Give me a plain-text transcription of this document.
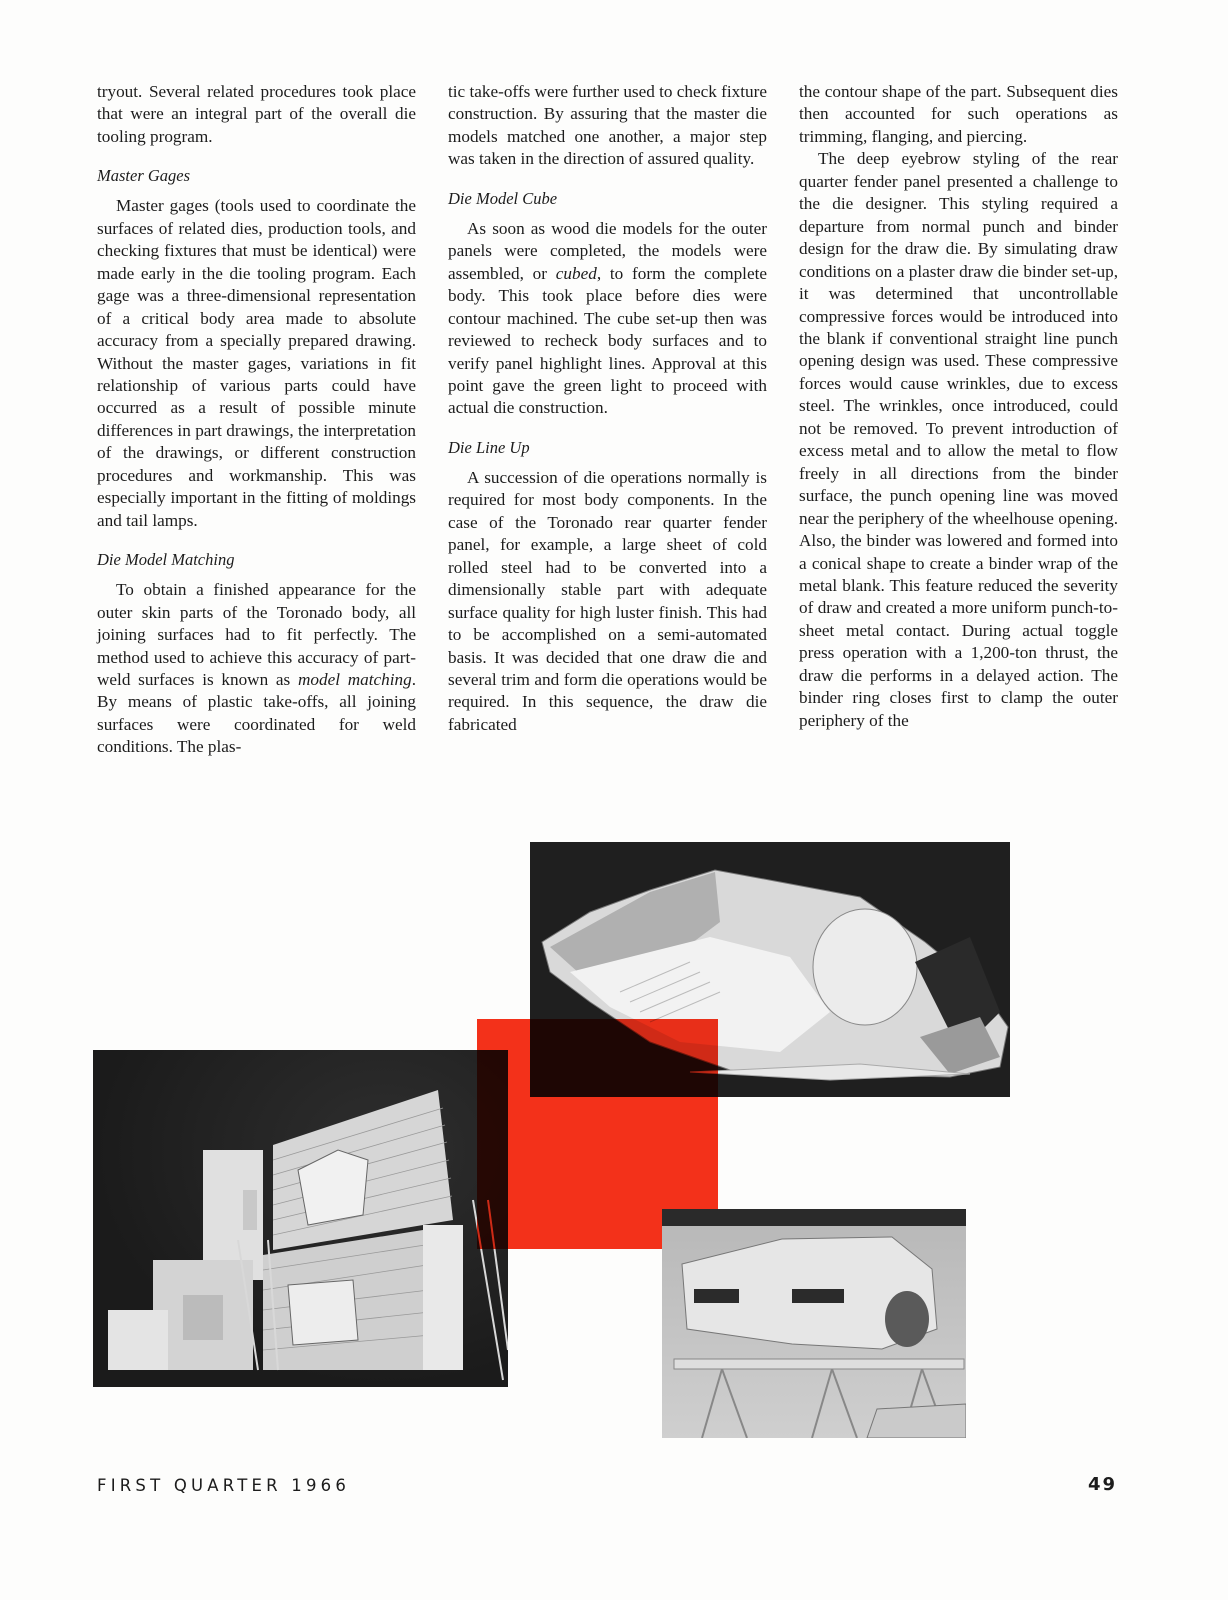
tryout. Several related procedures took place that were an integral part of the overall die tooling program.

Master Gages

Master gages (tools used to coordinate the surfaces of related dies, production tools, and checking fixtures that must be identical) were made early in the die tooling program. Each gage was a three-dimensional representation of a critical body area made to absolute accuracy from a specially prepared drawing. Without the master gages, variations in fit relationship of various parts could have occurred as a result of possible minute differences in part drawings, the interpretation of the drawings, or different construction procedures and workmanship. This was especially important in the fitting of moldings and tail lamps.

Die Model Matching

To obtain a finished appearance for the outer skin parts of the Toronado body, all joining surfaces had to fit perfectly. The method used to achieve this accuracy of part-weld surfaces is known as model matching. By means of plastic take-offs, all joining surfaces were coordinated for weld conditions. The plas-

tic take-offs were further used to check fixture construction. By assuring that the master die models matched one another, a major step was taken in the direction of assured quality.

Die Model Cube

As soon as wood die models for the outer panels were completed, the models were assembled, or cubed, to form the complete body. This took place before dies were contour machined. The cube set-up then was reviewed to recheck body surfaces and to verify panel highlight lines. Approval at this point gave the green light to proceed with actual die construction.

Die Line Up

A succession of die operations normally is required for most body components. In the case of the Toronado rear quarter fender panel, for example, a large sheet of cold rolled steel had to be converted into a dimensionally stable part with adequate surface quality for high luster finish. This had to be accomplished on a semi-automated basis. It was decided that one draw die and several trim and form die operations would be required. In this sequence, the draw die fabricated

the contour shape of the part. Subsequent dies then accounted for such operations as trimming, flanging, and piercing.

The deep eyebrow styling of the rear quarter fender panel presented a challenge to the die designer. This styling required a departure from normal punch and binder design for the draw die. By simulating draw conditions on a plaster draw die binder set-up, it was determined that uncontrollable compressive forces would be introduced into the blank if conventional straight line punch opening design was used. These compressive forces would cause wrinkles, due to excess steel. The wrinkles, once introduced, could not be removed. To prevent introduction of excess metal and to allow the metal to flow freely in all directions from the binder surface, the punch opening line was moved near the periphery of the wheelhouse opening. Also, the binder was lowered and formed into a conical shape to create a binder wrap of the metal blank. This feature reduced the severity of draw and created a more uniform punch-to-sheet metal contact. During actual toggle press operation with a 1,200-ton thrust, the draw die performs in a delayed action. The binder ring closes first to clamp the outer periphery of the

FIRST QUARTER 1966	49
